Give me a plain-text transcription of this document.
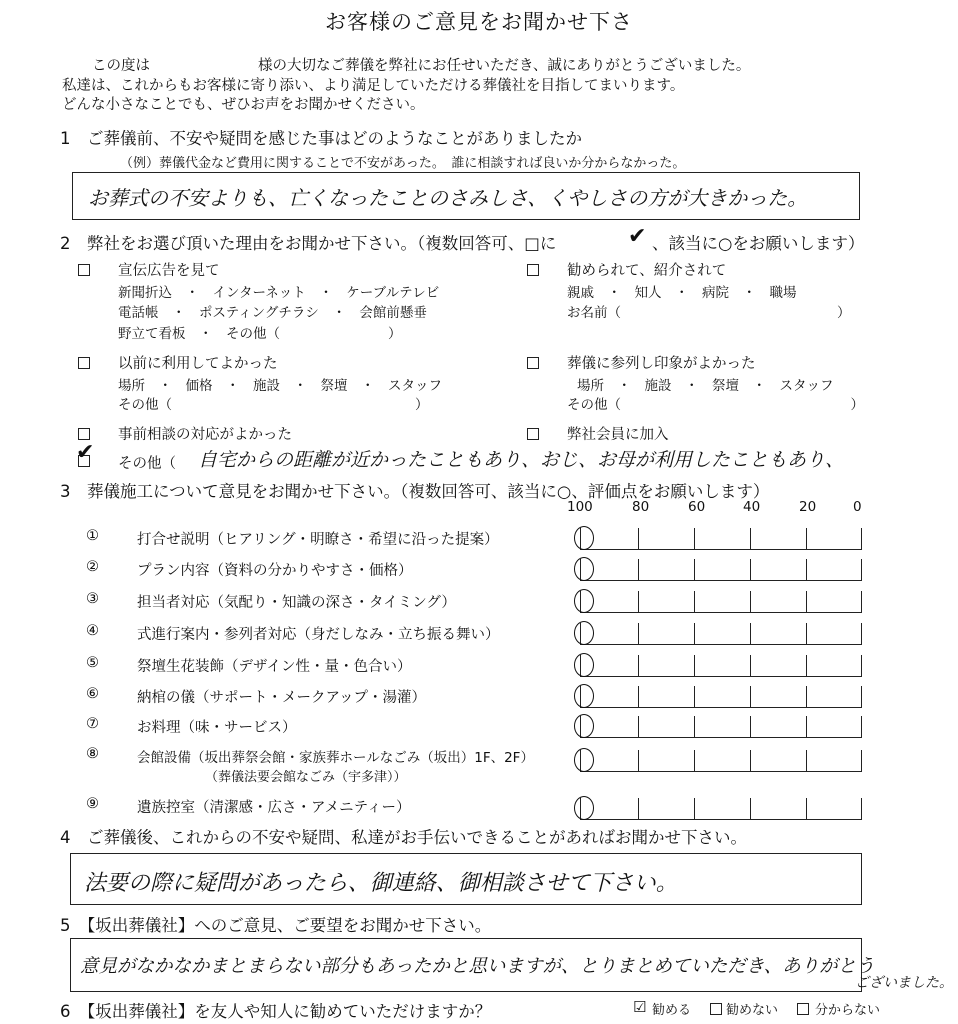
お客様のご意見をお聞かせ下さ
この度は	様の大切なご葬儀を弊社にお任せいただき、誠にありがとうございました。
私達は、これからもお客様に寄り添い、より満足していただける葬儀社を目指してまいります。
どんな小さなことでも、ぜひお声をお聞かせください。
1　ご葬儀前、不安や疑問を感じた事はどのようなことがありましたか
（例）葬儀代金など費用に関することで不安があった。　誰に相談すれば良いか分からなかった。
お葬式の不安よりも、亡くなったことのさみしさ、くやしさの方が大きかった。
2　弊社をお選び頂いた理由をお聞かせ下さい。（複数回答可、□に	✔ 、該当に○をお願いします）
宣伝広告を見て
新聞折込　・　インターネット　・　ケーブルテレビ
電話帳　・　ポスティングチラシ　・　会館前懸垂
野立て看板　・　その他（　　　　　　　　）
勧められて、紹介されて
親戚　・　知人　・　病院　・　職場
お名前（　　　　　　　　　　　　　　　　）
以前に利用してよかった
場所　・　価格　・　施設　・　祭壇　・　スタッフ
その他（　　　　　　　　　　　　　　　　　　）
葬儀に参列し印象がよかった
場所　・　施設　・　祭壇　・　スタッフ
その他（　　　　　　　　　　　　　　　　　）
事前相談の対応がよかった	弊社会員に加入
✔ その他（ 自宅からの距離が近かったこともあり、おじ、お母が利用したこともあり、
3　葬儀施工について意見をお聞かせ下さい。（複数回答可、該当に○、評価点をお願いします）
100	80	60	40	20	0
①	打合せ説明（ヒアリング・明瞭さ・希望に沿った提案）
②	プラン内容（資料の分かりやすさ・価格）
③	担当者対応（気配り・知識の深さ・タイミング）
④	式進行案内・参列者対応（身だしなみ・立ち振る舞い）
⑤	祭壇生花装飾（デザイン性・量・色合い）
⑥	納棺の儀（サポート・メークアップ・湯灌）
⑦	お料理（味・サービス）
⑧	会館設備（坂出葬祭会館・家族葬ホールなごみ（坂出）1F、2F）
（葬儀法要会館なごみ（宇多津））
⑨	遺族控室（清潔感・広さ・アメニティー）
4　ご葬儀後、これからの不安や疑問、私達がお手伝いできることがあればお聞かせ下さい。
法要の際に疑問があったら、御連絡、御相談させて下さい。
5　【坂出葬儀社】へのご意見、ご要望をお聞かせ下さい。
意見がなかなかまとまらない部分もあったかと思いますが、とりまとめていただき、ありがとう
ございました。
6　【坂出葬儀社】を友人や知人に勧めていただけますか？	☑ 勧める	勧めない	分からない
